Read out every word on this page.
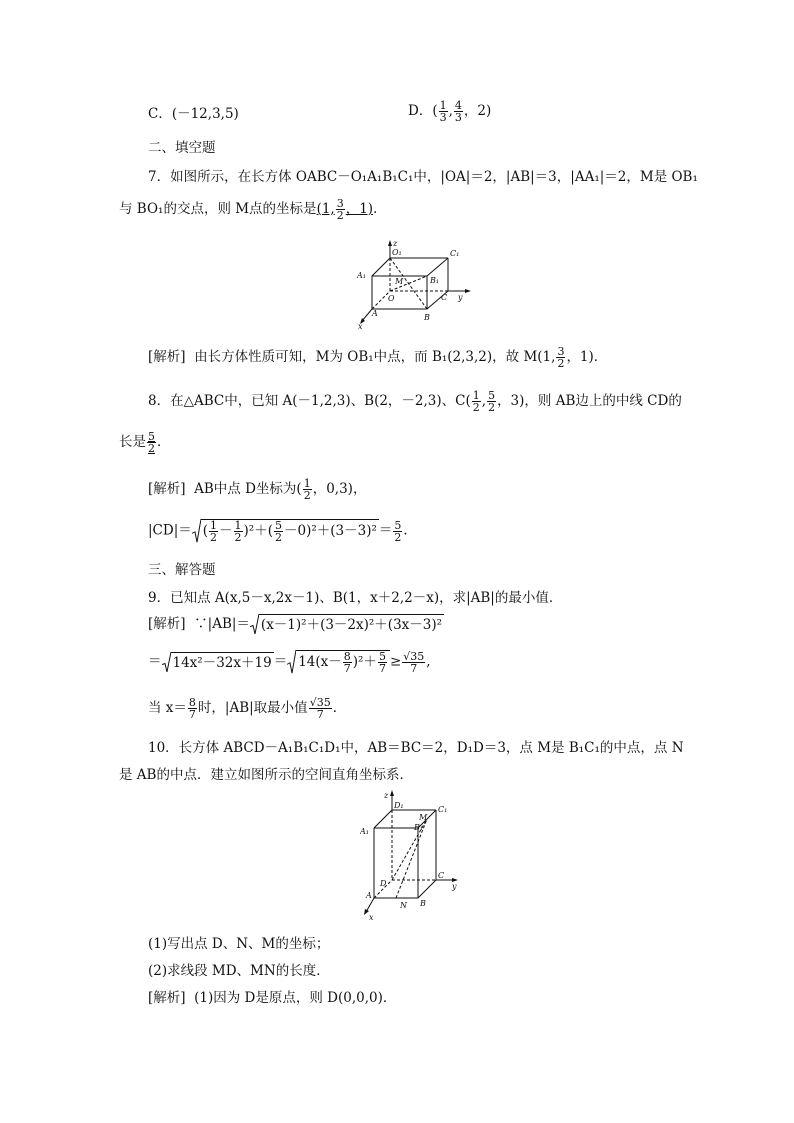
C．(－12,3,5)	D．( $\frac{1}{3}$ , $\frac{4}{3}$ ，2)
二、填空题
7．如图所示，在长方体 OABC－O₁A₁B₁C₁中，|OA|＝2，|AB|＝3，|AA₁|＝2，M是 OB₁
与 BO₁的交点，则 M点的坐标是(1, $\frac{3}{2}$ ，1)．
z
O₁	C₁
A₁
M	B₁
O	y
A
C
x
B
[解析] 由长方体性质可知，M为 OB₁中点，而 B₁(2,3,2)，故 M(1, $\frac{3}{2}$ ，1)．
8．在△ABC中，已知 A(－1,2,3)、B(2，－2,3)、$C( \frac{1}{2}$ , $\frac{5}{2}$ ，3)，则 AB边上的中线 CD的
长是 $\frac{5}{2}$ ．
[解析] AB中点 D坐标为( $\frac{1}{2}$ ，0,3)，
|CD|＝ ( $\frac{1}{2} - \frac{1}{2} )^2+( \frac{5}{2} -0)^2+(3-3)^2 = \frac{5}{2}$ ．
三、解答题
9．已知点 A(x,5－x,2x－1)、B(1，x＋2,2－x)，求|AB|的最小值．
[解析] ∵|AB|＝ (x－1)²＋(3－2x)²＋(3x－3)²
＝ $14x^2-32x+19 = 14(x- \frac{8}{7} )^2+ \frac{5}{7} \ge \frac{√35}{7}$ ,
当 $x= \frac{8}{7}$ 时，|AB|取最小值 $\frac{√35}{7}$ ．
10．长方体 ABCD－A₁B₁C₁D₁中，AB＝BC＝2，D₁D＝3，点 M是 B₁C₁的中点，点 N
是 AB的中点．建立如图所示的空间直角坐标系．
z
D₁
M
C₁
A₁	B₁
D
C
y
A
N B
x
(1)写出点 D、N、M的坐标；
(2)求线段 MD、MN的长度．
[解析] (1)因为 D是原点，则 D(0,0,0)．
